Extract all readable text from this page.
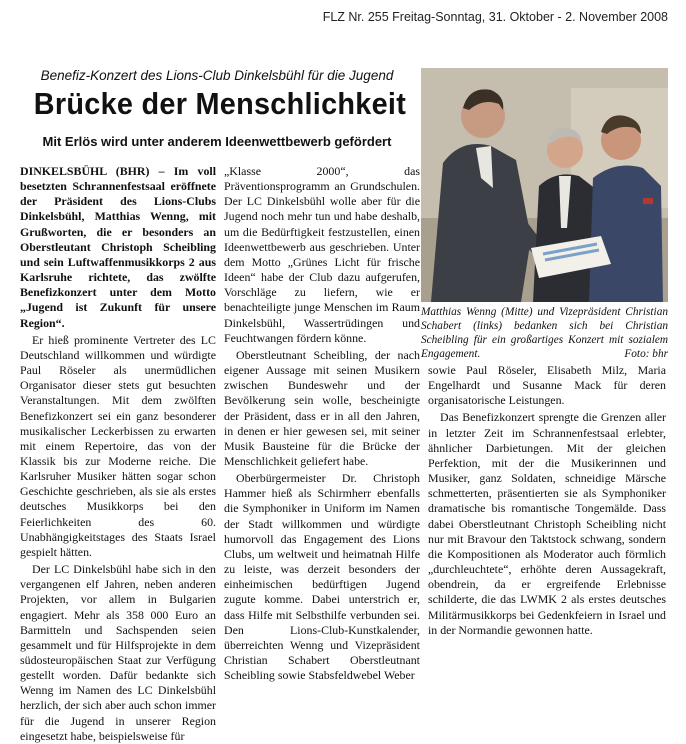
FLZ Nr. 255 Freitag-Sonntag, 31. Oktober - 2. November 2008
Benefiz-Konzert des Lions-Club Dinkelsbühl für die Jugend
Brücke der Menschlichkeit
Mit Erlös wird unter anderem Ideenwettbewerb gefördert

DINKELSBÜHL (BHR) – Im voll besetzten Schrannenfestsaal eröffnete der Präsident des Lions-Clubs Dinkelsbühl, Matthias Wenng, mit Grußworten, die er besonders an Oberstleutant Christoph Scheibling und sein Luftwaffenmusikkorps 2 aus Karlsruhe richtete, das zwölfte Benefizkonzert unter dem Motto „Jugend ist Zukunft für unsere Region“.

Er hieß prominente Vertreter des LC Deutschland willkommen und würdigte Paul Röseler als unermüdlichen Organisator dieser stets gut besuchten Veranstaltungen. Mit dem zwölften Benefizkonzert sei ein ganz besonderer musikalischer Leckerbissen zu erwarten mit einem Repertoire, das von der Klassik bis zur Moderne reiche. Die Karlsruher Musiker hätten sogar schon Geschichte geschrieben, als sie als erstes deutsches Musikkorps bei den Feierlichkeiten des 60. Unabhängigkeitstages des Staats Israel gespielt hätten.

Der LC Dinkelsbühl habe sich in den vergangenen elf Jahren, neben anderen Projekten, vor allem in Bulgarien engagiert. Mehr als 358 000 Euro an Barmitteln und Sachspenden seien gesammelt und für Hilfsprojekte in dem südosteuropäischen Staat zur Verfügung gestellt worden. Dafür bedankte sich Wenng im Namen des LC Dinkelsbühl herzlich, der sich aber auch schon immer für die Jugend in unserer Region eingesetzt habe, beispielsweise für

„Klasse 2000“, das Präventionsprogramm an Grundschulen. Der LC Dinkelsbühl wolle aber für die Jugend noch mehr tun und habe deshalb, um die Bedürftigkeit festzustellen, einen Ideenwettbewerb aus geschrieben. Unter dem Motto „Grünes Licht für frische Ideen“ habe der Club dazu aufgerufen, Vorschläge zu liefern, wie er benachteiligte junge Menschen im Raum Dinkelsbühl, Wassertrüdingen und Feuchtwangen fördern könne.

Oberstleutnant Scheibling, der nach eigener Aussage mit seinen Musikern zwischen Bundeswehr und der Bevölkerung sein wolle, bescheinigte der Präsident, dass er in all den Jahren, in denen er hier gewesen sei, mit seiner Musik Bausteine für die Brücke der Menschlichkeit geliefert habe.

Oberbürgermeister Dr. Christoph Hammer hieß als Schirmherr ebenfalls die Symphoniker in Uniform im Namen der Stadt willkommen und würdigte humorvoll das Engagement des Lions Clubs, um weltweit und heimatnah Hilfe zu leiste, was derzeit besonders der einheimischen bedürftigen Jugend zugute komme. Dabei unterstrich er, dass Hilfe mit Selbsthilfe verbunden sei. Den Lions-Club-Kunstkalender, überreichten Wenng und Vizepräsident Christian Schabert Oberstleutnant Scheibling sowie Stabsfeldwebel Weber

Matthias Wenng (Mitte) und Vizepräsident Christian Schabert (links) bedanken sich bei Christian Scheibling für ein großartiges Konzert mit sozialem Engagement.	Foto: bhr

sowie Paul Röseler, Elisabeth Milz, Maria Engelhardt und Susanne Mack für deren organisatorische Leistungen.

Das Benefizkonzert sprengte die Grenzen aller in letzter Zeit im Schrannenfestsaal erlebter, ähnlicher Darbietungen. Mit der gleichen Perfektion, mit der die Musikerinnen und Musiker, ganz Soldaten, schneidige Märsche schmetterten, präsentierten sie als Symphoniker dramatische bis romantische Tongemälde. Dass dabei Oberstleutnant Christoph Scheibling nicht nur mit Bravour den Taktstock schwang, sondern die Kompositionen als Moderator auch förmlich „durchleuchtete“, erhöhte deren Aussagekraft, obendrein, da er ergreifende Erlebnisse schilderte, die das LWMK 2 als erstes deutsches Militärmusikkorps bei Gedenkfeiern in Israel und in der Normandie gewonnen hatte.
